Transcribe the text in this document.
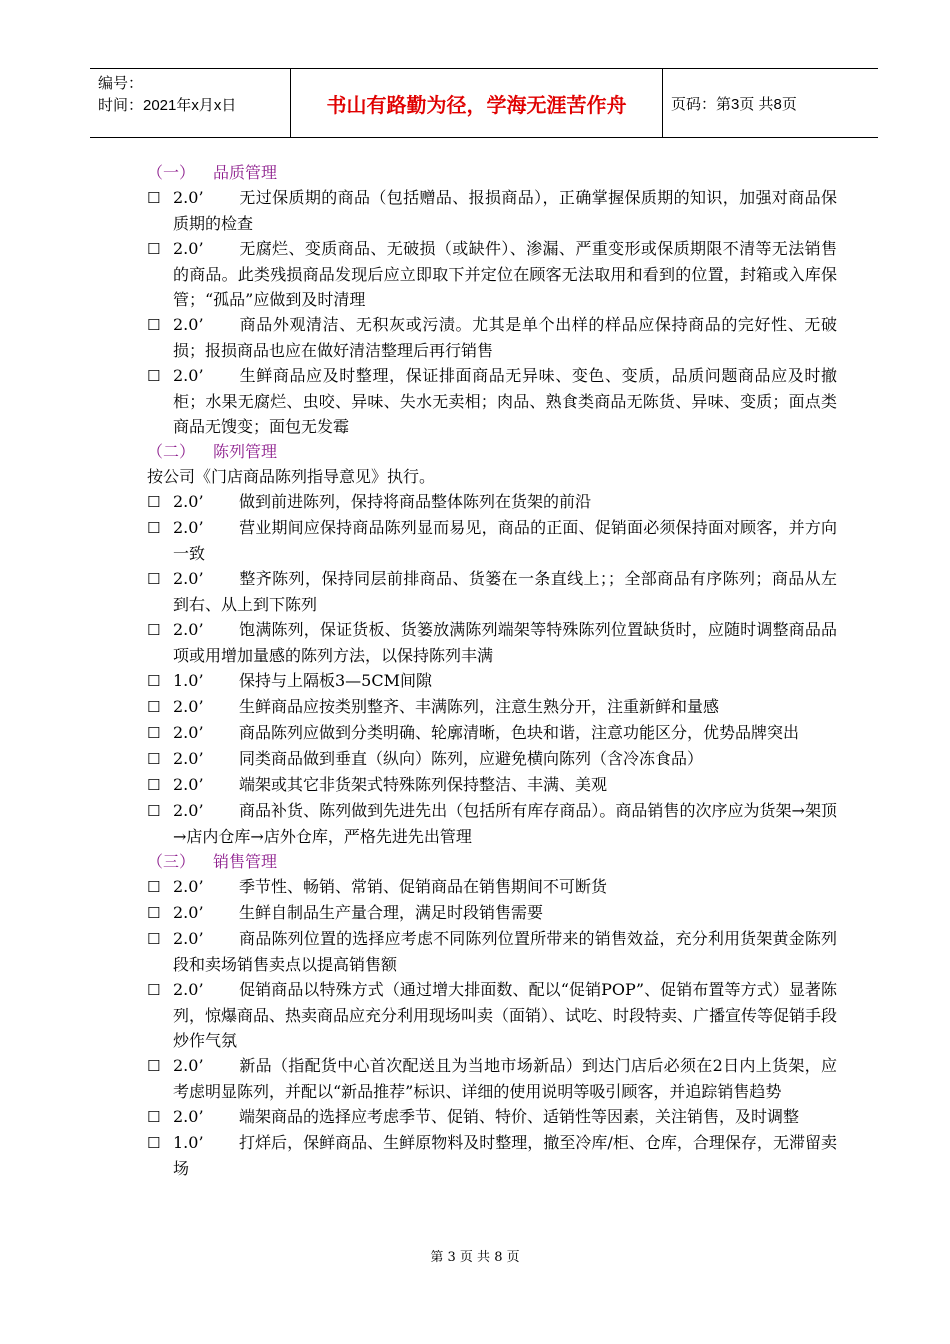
编号：
时间：2021年x月x日	书山有路勤为径，学海无涯苦作舟	页码：第3页 共8页
（一） 品质管理
☐ 2.0’ 无过保质期的商品（包括赠品、报损商品），正确掌握保质期的知识，加强对商品保质期的检查
☐ 2.0’ 无腐烂、变质商品、无破损（或缺件）、渗漏、严重变形或保质期限不清等无法销售的商品。此类残损商品发现后应立即取下并定位在顾客无法取用和看到的位置，封箱或入库保管；“孤品”应做到及时清理
☐ 2.0’ 商品外观清洁、无积灰或污渍。尤其是单个出样的样品应保持商品的完好性、无破损；报损商品也应在做好清洁整理后再行销售
☐ 2.0’ 生鲜商品应及时整理，保证排面商品无异味、变色、变质，品质问题商品应及时撤柜；水果无腐烂、虫咬、异味、失水无卖相；肉品、熟食类商品无陈货、异味、变质；面点类商品无馊变；面包无发霉
（二） 陈列管理
按公司《门店商品陈列指导意见》执行。
☐ 2.0’ 做到前进陈列，保持将商品整体陈列在货架的前沿
☐ 2.0’ 营业期间应保持商品陈列显而易见，商品的正面、促销面必须保持面对顾客，并方向一致
☐ 2.0’ 整齐陈列，保持同层前排商品、货篓在一条直线上；；全部商品有序陈列；商品从左到右、从上到下陈列
☐ 2.0’ 饱满陈列，保证货板、货篓放满陈列端架等特殊陈列位置缺货时，应随时调整商品品项或用增加量感的陈列方法，以保持陈列丰满
☐ 1.0’ 保持与上隔板3—5CM间隙
☐ 2.0’ 生鲜商品应按类别整齐、丰满陈列，注意生熟分开，注重新鲜和量感
☐ 2.0’ 商品陈列应做到分类明确、轮廓清晰，色块和谐，注意功能区分，优势品牌突出
☐ 2.0’ 同类商品做到垂直（纵向）陈列，应避免横向陈列（含冷冻食品）
☐ 2.0’ 端架或其它非货架式特殊陈列保持整洁、丰满、美观
☐ 2.0’ 商品补货、陈列做到先进先出（包括所有库存商品）。商品销售的次序应为货架→架顶→店内仓库→店外仓库，严格先进先出管理
（三） 销售管理
☐ 2.0’ 季节性、畅销、常销、促销商品在销售期间不可断货
☐ 2.0’ 生鲜自制品生产量合理，满足时段销售需要
☐ 2.0’ 商品陈列位置的选择应考虑不同陈列位置所带来的销售效益，充分利用货架黄金陈列段和卖场销售卖点以提高销售额
☐ 2.0’ 促销商品以特殊方式（通过增大排面数、配以“促销POP”、促销布置等方式）显著陈列，惊爆商品、热卖商品应充分利用现场叫卖（面销）、试吃、时段特卖、广播宣传等促销手段炒作气氛
☐ 2.0’ 新品（指配货中心首次配送且为当地市场新品）到达门店后必须在2日内上货架，应考虑明显陈列，并配以“新品推荐”标识、详细的使用说明等吸引顾客，并追踪销售趋势
☐ 2.0’ 端架商品的选择应考虑季节、促销、特价、适销性等因素，关注销售，及时调整
☐ 1.0’ 打烊后，保鲜商品、生鲜原物料及时整理，撤至冷库/柜、仓库，合理保存，无滞留卖场
第 3 页 共 8 页
